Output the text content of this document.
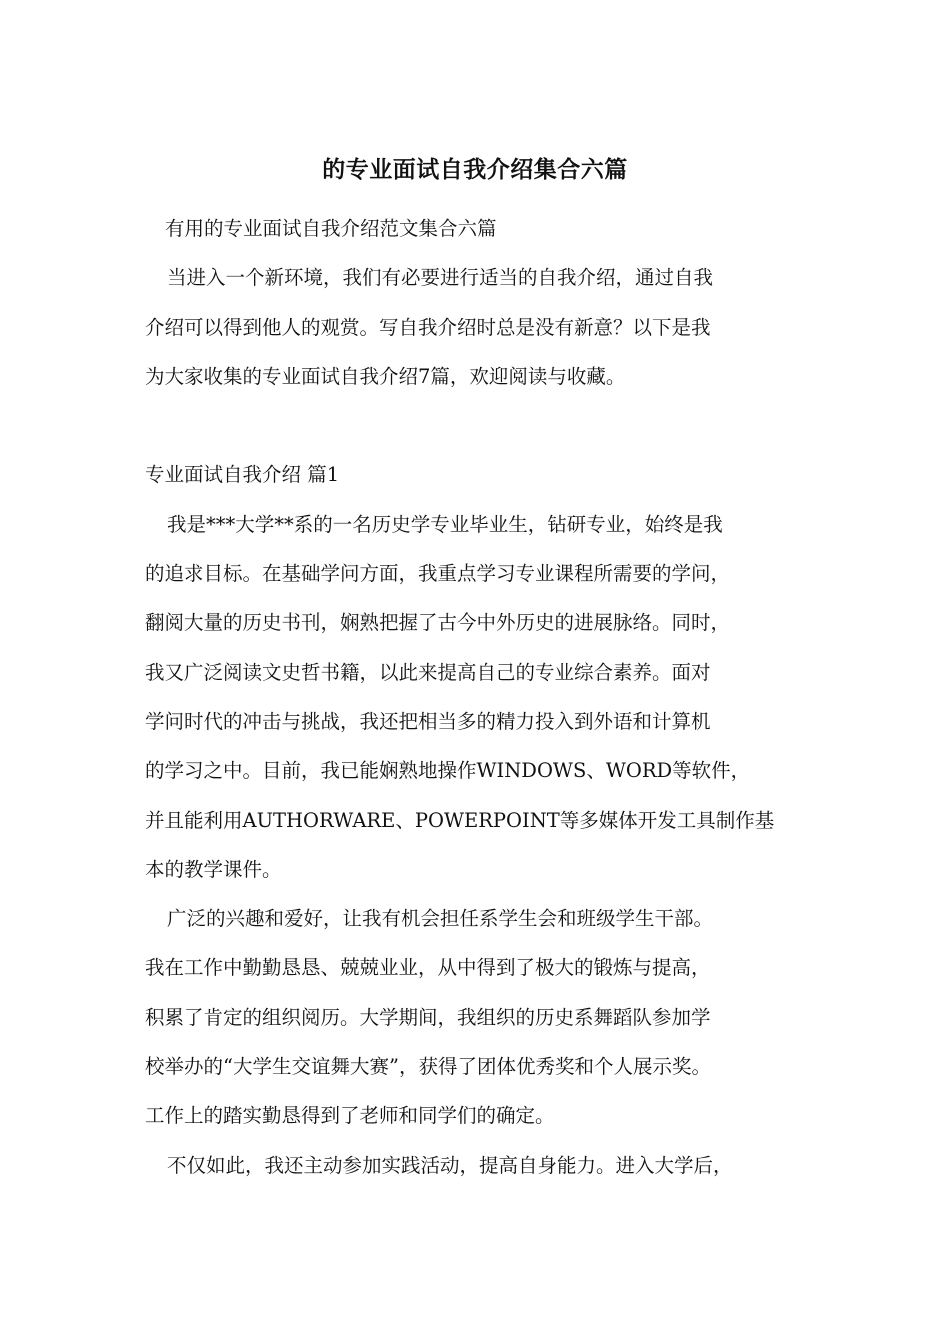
的专业面试自我介绍集合六篇

有用的专业面试自我介绍范文集合六篇

当进入一个新环境，我们有必要进行适当的自我介绍，通过自我

介绍可以得到他人的观赏。写自我介绍时总是没有新意？以下是我

为大家收集的专业面试自我介绍7篇，欢迎阅读与收藏。

专业面试自我介绍 篇1

我是***大学**系的一名历史学专业毕业生，钻研专业，始终是我

的追求目标。在基础学问方面，我重点学习专业课程所需要的学问，

翻阅大量的历史书刊，娴熟把握了古今中外历史的进展脉络。同时，

我又广泛阅读文史哲书籍，以此来提高自己的专业综合素养。面对

学问时代的冲击与挑战，我还把相当多的精力投入到外语和计算机

的学习之中。目前，我已能娴熟地操作WINDOWS、WORD等软件，

并且能利用AUTHORWARE、POWERPOINT等多媒体开发工具制作基

本的教学课件。

广泛的兴趣和爱好，让我有机会担任系学生会和班级学生干部。

我在工作中勤勤恳恳、兢兢业业，从中得到了极大的锻炼与提高，

积累了肯定的组织阅历。大学期间，我组织的历史系舞蹈队参加学

校举办的“大学生交谊舞大赛”，获得了团体优秀奖和个人展示奖。

工作上的踏实勤恳得到了老师和同学们的确定。

不仅如此，我还主动参加实践活动，提高自身能力。进入大学后，
